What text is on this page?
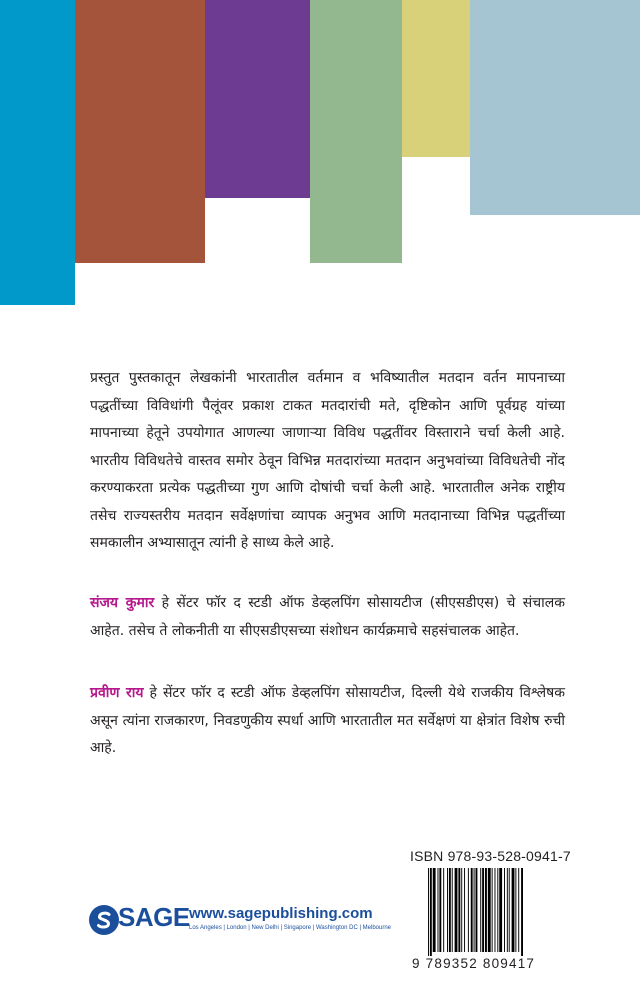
प्रस्तुत पुस्तकातून लेखकांनी भारतातील वर्तमान व भविष्यातील मतदान वर्तन मापनाच्या पद्धतींच्या विविधांगी पैलूंवर प्रकाश टाकत मतदारांची मते, दृष्टिकोन आणि पूर्वग्रह यांच्या मापनाच्या हेतूने उपयोगात आणल्या जाणाऱ्या विविध पद्धतींवर विस्ताराने चर्चा केली आहे. भारतीय विविधतेचे वास्तव समोर ठेवून विभिन्न मतदारांच्या मतदान अनुभवांच्या विविधतेची नोंद करण्याकरता प्रत्येक पद्धतीच्या गुण आणि दोषांची चर्चा केली आहे. भारतातील अनेक राष्ट्रीय तसेच राज्यस्तरीय मतदान सर्वेक्षणांचा व्यापक अनुभव आणि मतदानाच्या विभिन्न पद्धतींच्या समकालीन अभ्यासातून त्यांनी हे साध्य केले आहे.

संजय कुमार हे सेंटर फॉर द स्टडी ऑफ डेव्हलपिंग सोसायटीज (सीएसडीएस) चे संचालक आहेत. तसेच ते लोकनीती या सीएसडीएसच्या संशोधन कार्यक्रमाचे सहसंचालक आहेत.

प्रवीण राय हे सेंटर फॉर द स्टडी ऑफ डेव्हलपिंग सोसायटीज, दिल्ली येथे राजकीय विश्लेषक असून त्यांना राजकारण, निवडणुकीय स्पर्धा आणि भारतातील मत सर्वेक्षणं या क्षेत्रांत विशेष रुची आहे.

ISBN 978-93-528-0941-7
9 789352 809417
SAGE www.sagepublishing.com
Los Angeles | London | New Delhi | Singapore | Washington DC | Melbourne
